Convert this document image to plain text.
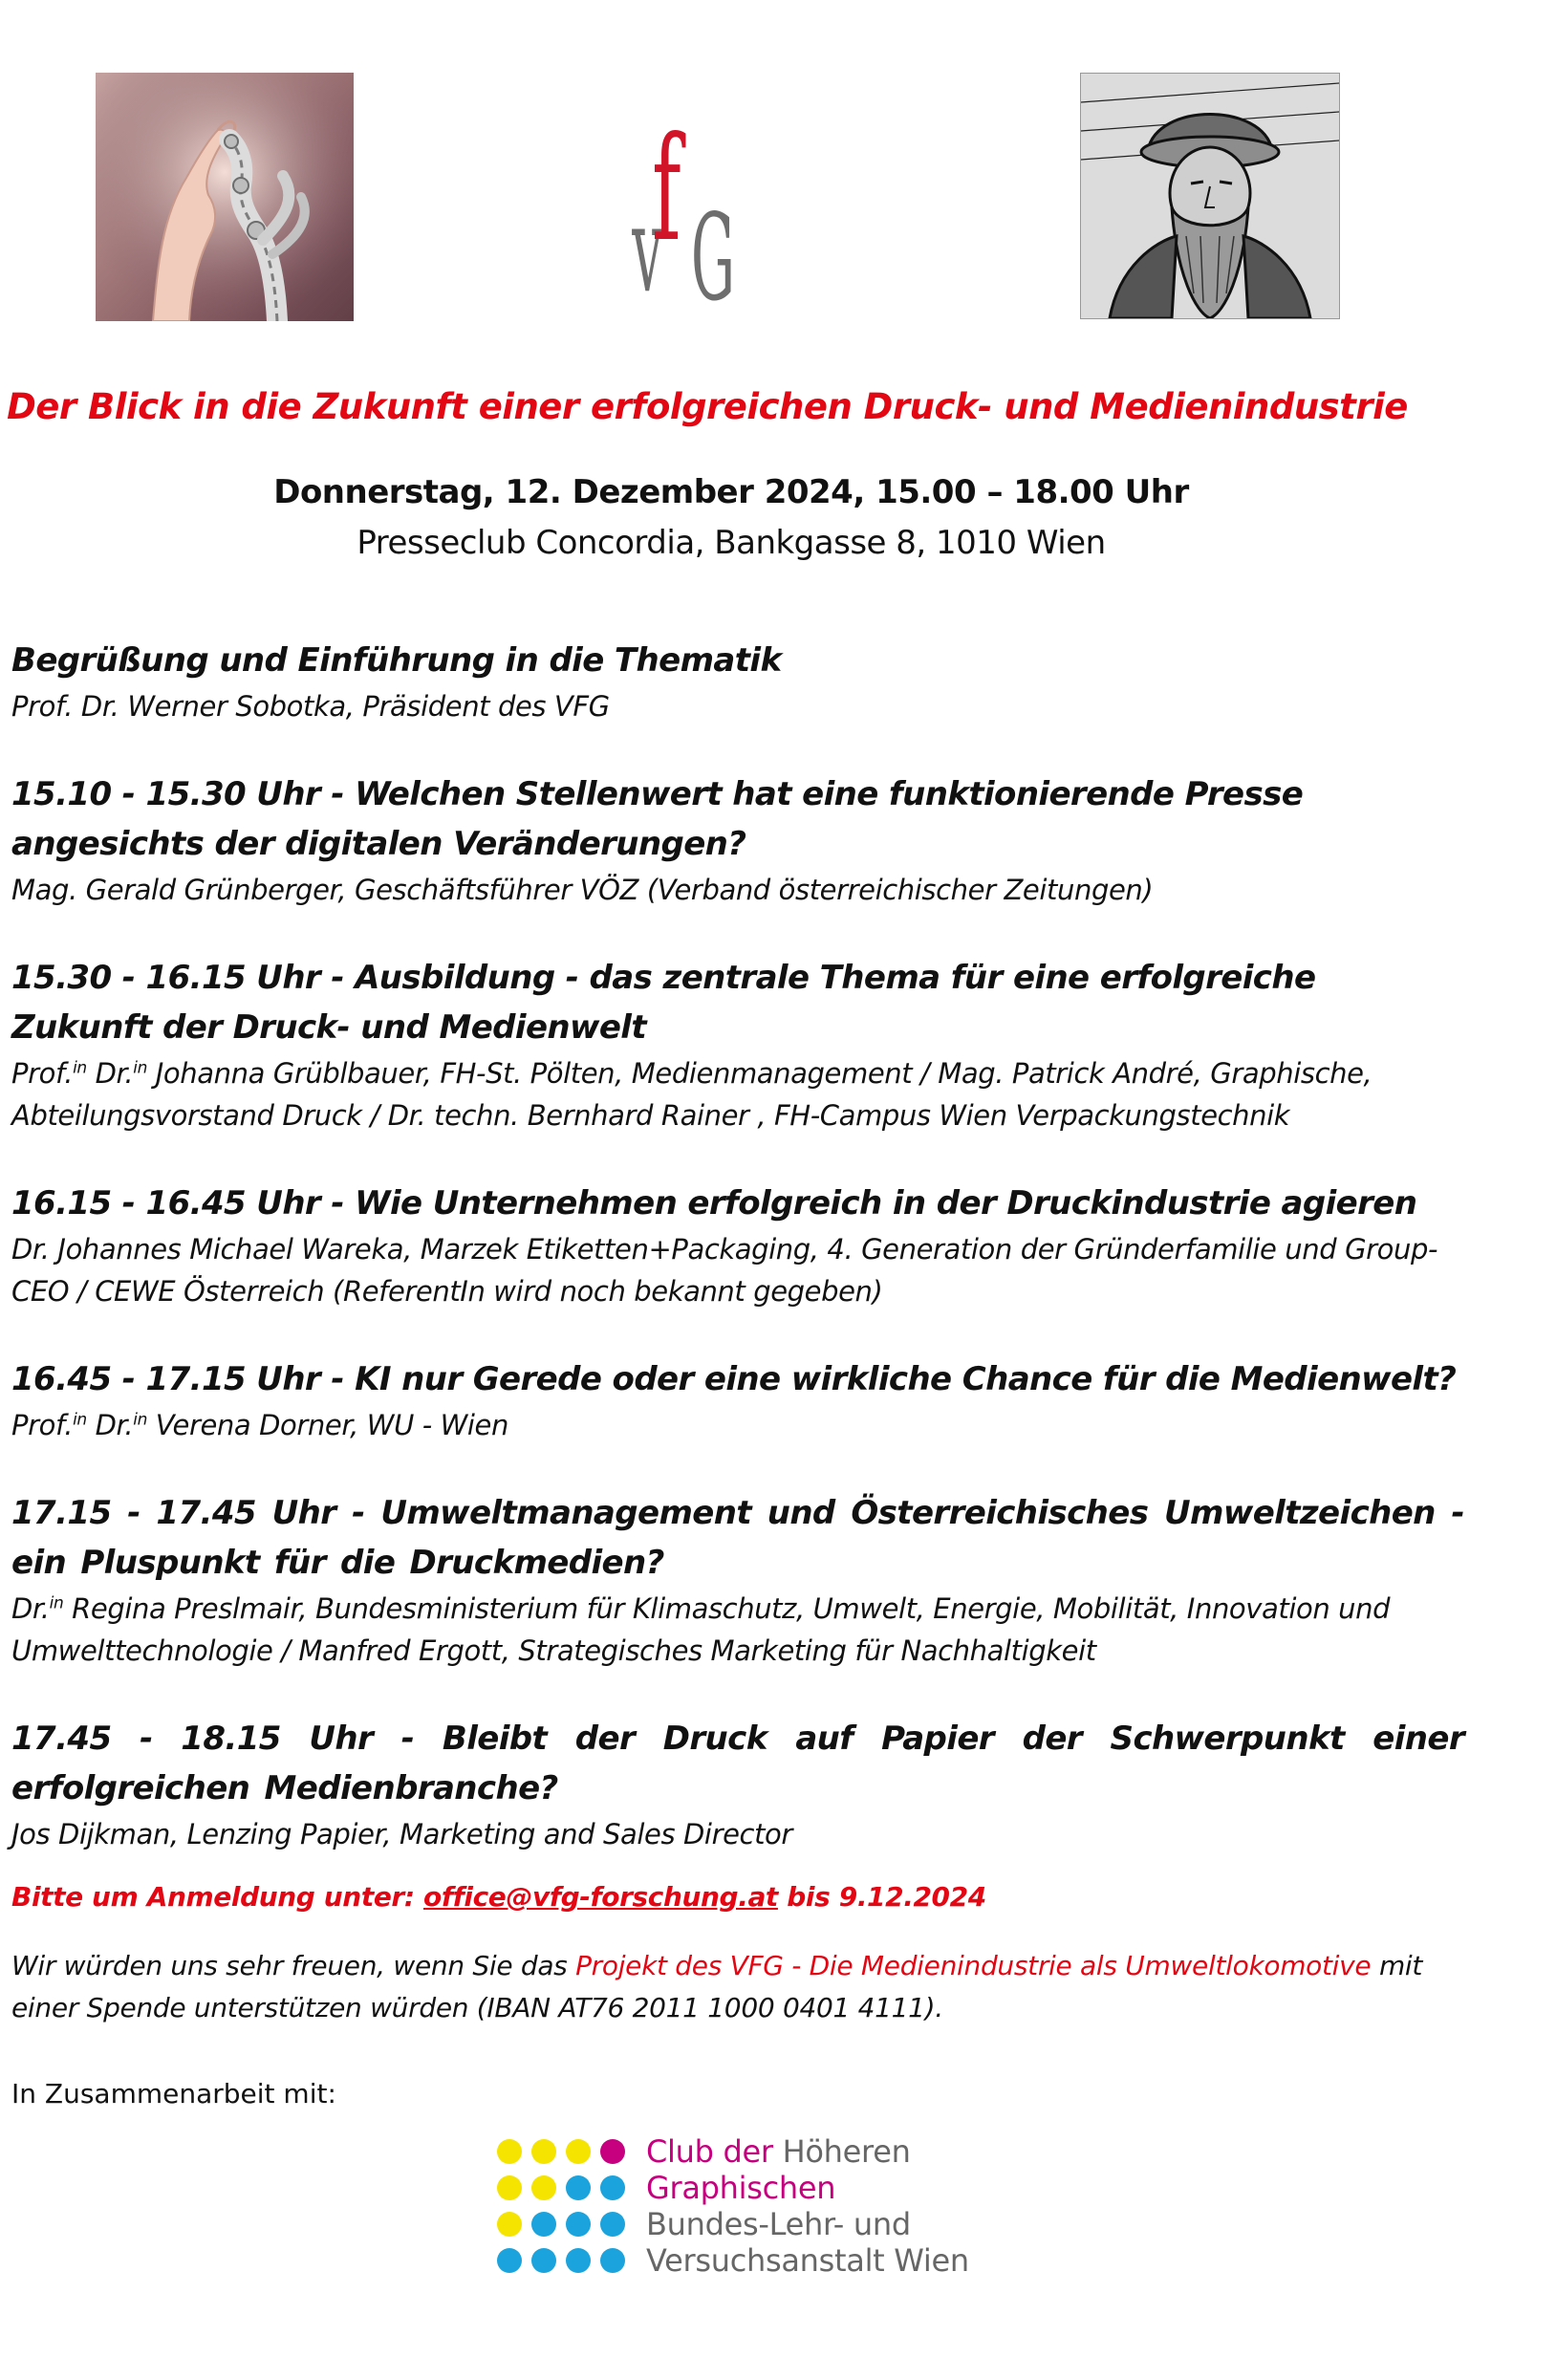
v
f G
Der Blick in die Zukunft einer erfolgreichen Druck- und Medienindustrie
Donnerstag, 12. Dezember 2024, 15.00 – 18.00 Uhr
Presseclub Concordia, Bankgasse 8, 1010 Wien
Begrüßung und Einführung in die Thematik
Prof. Dr. Werner Sobotka, Präsident des VFG
15.10 - 15.30 Uhr - Welchen Stellenwert hat eine funktionierende Presse angesichts der digitalen Veränderungen?
Mag. Gerald Grünberger, Geschäftsführer VÖZ (Verband österreichischer Zeitungen)
15.30 - 16.15 Uhr - Ausbildung - das zentrale Thema für eine erfolgreiche Zukunft der Druck- und Medienwelt
Prof.$^{in}$ Dr.$^{in}$ Johanna Grüblbauer, FH-St. Pölten, Medienmanagement / Mag. Patrick André, Graphische, Abteilungsvorstand Druck / Dr. techn. Bernhard Rainer , FH-Campus Wien Verpackungstechnik
16.15 - 16.45 Uhr - Wie Unternehmen erfolgreich in der Druckindustrie agieren
Dr. Johannes Michael Wareka, Marzek Etiketten+Packaging, 4. Generation der Gründerfamilie und Group-CEO / CEWE Österreich (ReferentIn wird noch bekannt gegeben)
16.45 - 17.15 Uhr - KI nur Gerede oder eine wirkliche Chance für die Medienwelt?
Prof.$^{in}$ Dr.$^{in}$ Verena Dorner, WU - Wien
17.15 - 17.45 Uhr - Umweltmanagement und Österreichisches Umweltzeichen - ein Pluspunkt für die Druckmedien?
Dr.$^{in}$ Regina Preslmair, Bundesministerium für Klimaschutz, Umwelt, Energie, Mobilität, Innovation und Umwelttechnologie / Manfred Ergott, Strategisches Marketing für Nachhaltigkeit
17.45 - 18.15 Uhr - Bleibt der Druck auf Papier der Schwerpunkt einer erfolgreichen Medienbranche?
Jos Dijkman, Lenzing Papier, Marketing and Sales Director
Bitte um Anmeldung unter: office@vfg-forschung.at bis 9.12.2024
Wir würden uns sehr freuen, wenn Sie das Projekt des VFG - Die Medienindustrie als Umweltlokomotive mit einer Spende unterstützen würden (IBAN AT76 2011 1000 0401 4111).
In Zusammenarbeit mit:
Club der Höheren
Graphischen
Bundes-Lehr- und
Versuchsanstalt Wien
